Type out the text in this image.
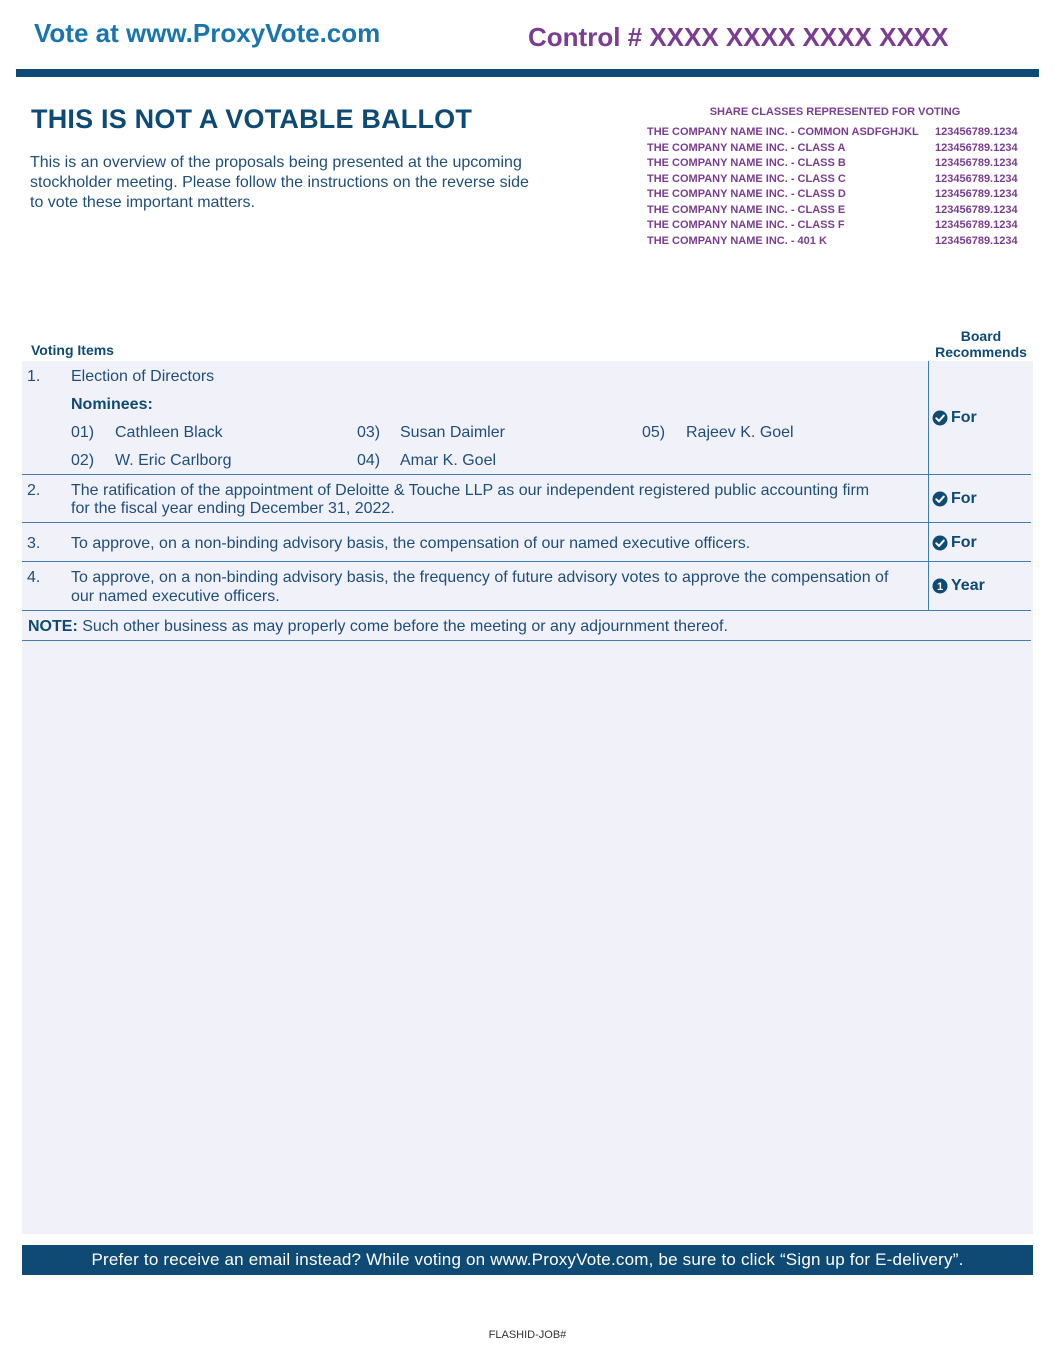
Vote at www.ProxyVote.com	Control # XXXX XXXX XXXX XXXX
THIS IS NOT A VOTABLE BALLOT
This is an overview of the proposals being presented at the upcoming stockholder meeting. Please follow the instructions on the reverse side to vote these important matters.
SHARE CLASSES REPRESENTED FOR VOTING
THE COMPANY NAME INC. - COMMON ASDFGHJKL 123456789.1234
THE COMPANY NAME INC. - CLASS A	123456789.1234
THE COMPANY NAME INC. - CLASS B	123456789.1234
THE COMPANY NAME INC. - CLASS C	123456789.1234
THE COMPANY NAME INC. - CLASS D	123456789.1234
THE COMPANY NAME INC. - CLASS E	123456789.1234
THE COMPANY NAME INC. - CLASS F	123456789.1234
THE COMPANY NAME INC. - 401 K	123456789.1234
Voting Items
Board
Recommends
1. Election of Directors
Nominees:
01) Cathleen Black
02) W. Eric Carlborg
03) Susan Daimler
04) Amar K. Goel
05) Rajeev K. Goel
For
2. The ratification of the appointment of Deloitte & Touche LLP as our independent registered public accounting firm
for the fiscal year ending December 31, 2022.
For
3. To approve, on a non-binding advisory basis, the compensation of our named executive officers.	For
4. To approve, on a non-binding advisory basis, the frequency of future advisory votes to approve the compensation of
our named executive officers.
1 Year
NOTE: Such other business as may properly come before the meeting or any adjournment thereof.
Prefer to receive an email instead? While voting on www.ProxyVote.com, be sure to click “Sign up for E-delivery”.
FLASHID-JOB#
